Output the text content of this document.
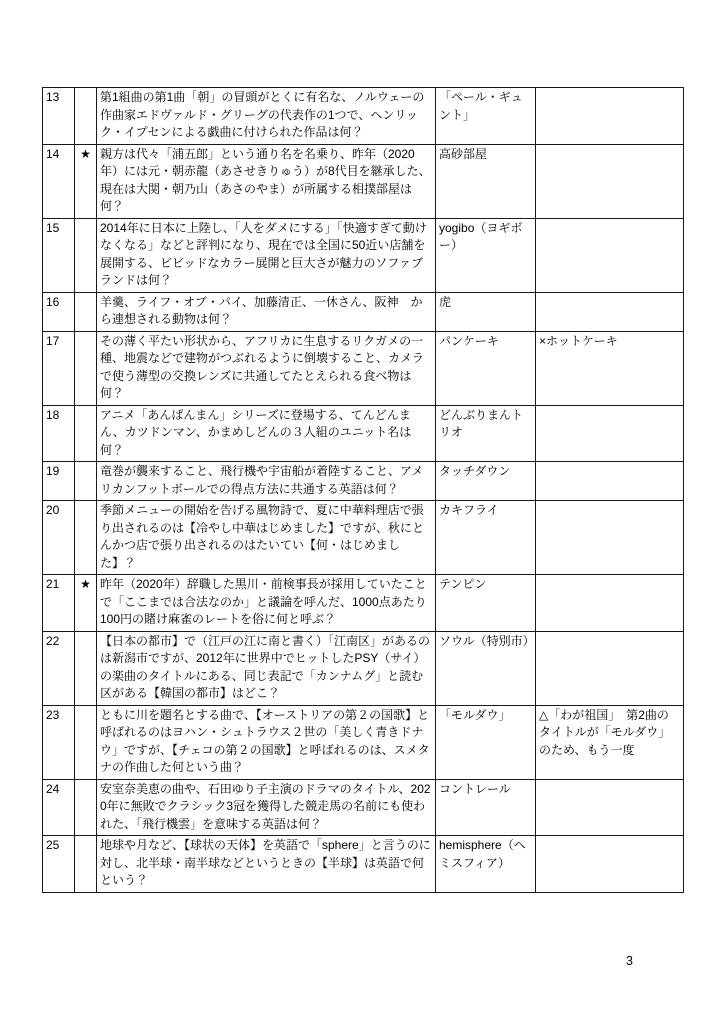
13		第1組曲の第1曲「朝」の冒頭がとくに有名な、ノルウェーの作曲家エドヴァルド・グリーグの代表作の1つで、ヘンリック・イプセンによる戯曲に付けられた作品は何？	「ペール・ギュント」	
14	★	親方は代々「浦五郎」という通り名を名乗り、昨年（2020年）には元・朝赤龍（あさせきりゅう）が8代目を継承した、現在は大関・朝乃山（あさのやま）が所属する相撲部屋は何？	高砂部屋	
15		2014年に日本に上陸し、「人をダメにする」「快適すぎて動けなくなる」などと評判になり、現在では全国に50近い店舗を展開する、ビビッドなカラー展開と巨大さが魅力のソファブランドは何？	yogibo（ヨギボー）	
16		羊羹、ライフ・オブ・パイ、加藤清正、一休さん、阪神　から連想される動物は何？	虎	
17		その薄く平たい形状から、アフリカに生息するリクガメの一種、地震などで建物がつぶれるように倒壊すること、カメラで使う薄型の交換レンズに共通してたとえられる食べ物は何？	パンケーキ	×ホットケーキ
18		アニメ「あんぱんまん」シリーズに登場する、てんどんまん、カツドンマン、かまめしどんの３人組のユニット名は何？	どんぶりまんトリオ	
19		竜巻が襲来すること、飛行機や宇宙船が着陸すること、アメリカンフットボールでの得点方法に共通する英語は何？	タッチダウン	
20		季節メニューの開始を告げる風物詩で、夏に中華料理店で張り出されるのは【冷やし中華はじめました】ですが、秋にとんかつ店で張り出されるのはたいてい【何・はじめました】？	カキフライ	
21	★	昨年（2020年）辞職した黒川・前検事長が採用していたことで「ここまでは合法なのか」と議論を呼んだ、1000点あたり100円の賭け麻雀のレートを俗に何と呼ぶ？	テンピン	
22		【日本の都市】で（江戸の江に南と書く）「江南区」があるのは新潟市ですが、2012年に世界中でヒットしたPSY（サイ）の楽曲のタイトルにある、同じ表記で「カンナムグ」と読む区がある【韓国の都市】はどこ？	ソウル（特別市）	
23		ともに川を題名とする曲で、【オーストリアの第２の国歌】と呼ばれるのはヨハン・シュトラウス２世の「美しく青きドナウ」ですが、【チェコの第２の国歌】と呼ばれるのは、スメタナの作曲した何という曲？	「モルダウ」	△「わが祖国」　第2曲のタイトルが「モルダウ」のため、もう一度
24		安室奈美恵の曲や、石田ゆり子主演のドラマのタイトル、2020年に無敗でクラシック3冠を獲得した競走馬の名前にも使われた、「飛行機雲」を意味する英語は何？	コントレール	
25		地球や月など、【球状の天体】を英語で「sphere」と言うのに対し、北半球・南半球などというときの【半球】は英語で何という？	hemisphere（ヘミスフィア）	
3
